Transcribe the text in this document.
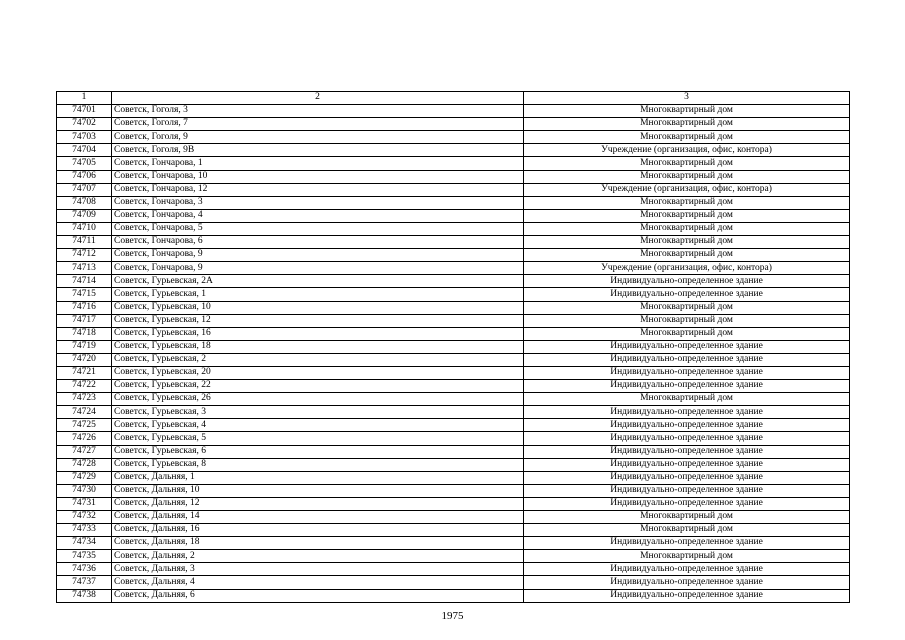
1	2	3
74701	Советск, Гоголя, 3	Многоквартирный дом
74702	Советск, Гоголя, 7	Многоквартирный дом
74703	Советск, Гоголя, 9	Многоквартирный дом
74704	Советск, Гоголя, 9В	Учреждение (организация, офис, контора)
74705	Советск, Гончарова, 1	Многоквартирный дом
74706	Советск, Гончарова, 10	Многоквартирный дом
74707	Советск, Гончарова, 12	Учреждение (организация, офис, контора)
74708	Советск, Гончарова, 3	Многоквартирный дом
74709	Советск, Гончарова, 4	Многоквартирный дом
74710	Советск, Гончарова, 5	Многоквартирный дом
74711	Советск, Гончарова, 6	Многоквартирный дом
74712	Советск, Гончарова, 9	Многоквартирный дом
74713	Советск, Гончарова, 9	Учреждение (организация, офис, контора)
74714	Советск, Гурьевская, 2А	Индивидуально-определенное здание
74715	Советск, Гурьевская, 1	Индивидуально-определенное здание
74716	Советск, Гурьевская, 10	Многоквартирный дом
74717	Советск, Гурьевская, 12	Многоквартирный дом
74718	Советск, Гурьевская, 16	Многоквартирный дом
74719	Советск, Гурьевская, 18	Индивидуально-определенное здание
74720	Советск, Гурьевская, 2	Индивидуально-определенное здание
74721	Советск, Гурьевская, 20	Индивидуально-определенное здание
74722	Советск, Гурьевская, 22	Индивидуально-определенное здание
74723	Советск, Гурьевская, 26	Многоквартирный дом
74724	Советск, Гурьевская, 3	Индивидуально-определенное здание
74725	Советск, Гурьевская, 4	Индивидуально-определенное здание
74726	Советск, Гурьевская, 5	Индивидуально-определенное здание
74727	Советск, Гурьевская, 6	Индивидуально-определенное здание
74728	Советск, Гурьевская, 8	Индивидуально-определенное здание
74729	Советск, Дальняя, 1	Индивидуально-определенное здание
74730	Советск, Дальняя, 10	Индивидуально-определенное здание
74731	Советск, Дальняя, 12	Индивидуально-определенное здание
74732	Советск, Дальняя, 14	Многоквартирный дом
74733	Советск, Дальняя, 16	Многоквартирный дом
74734	Советск, Дальняя, 18	Индивидуально-определенное здание
74735	Советск, Дальняя, 2	Многоквартирный дом
74736	Советск, Дальняя, 3	Индивидуально-определенное здание
74737	Советск, Дальняя, 4	Индивидуально-определенное здание
74738	Советск, Дальняя, 6	Индивидуально-определенное здание
1975
